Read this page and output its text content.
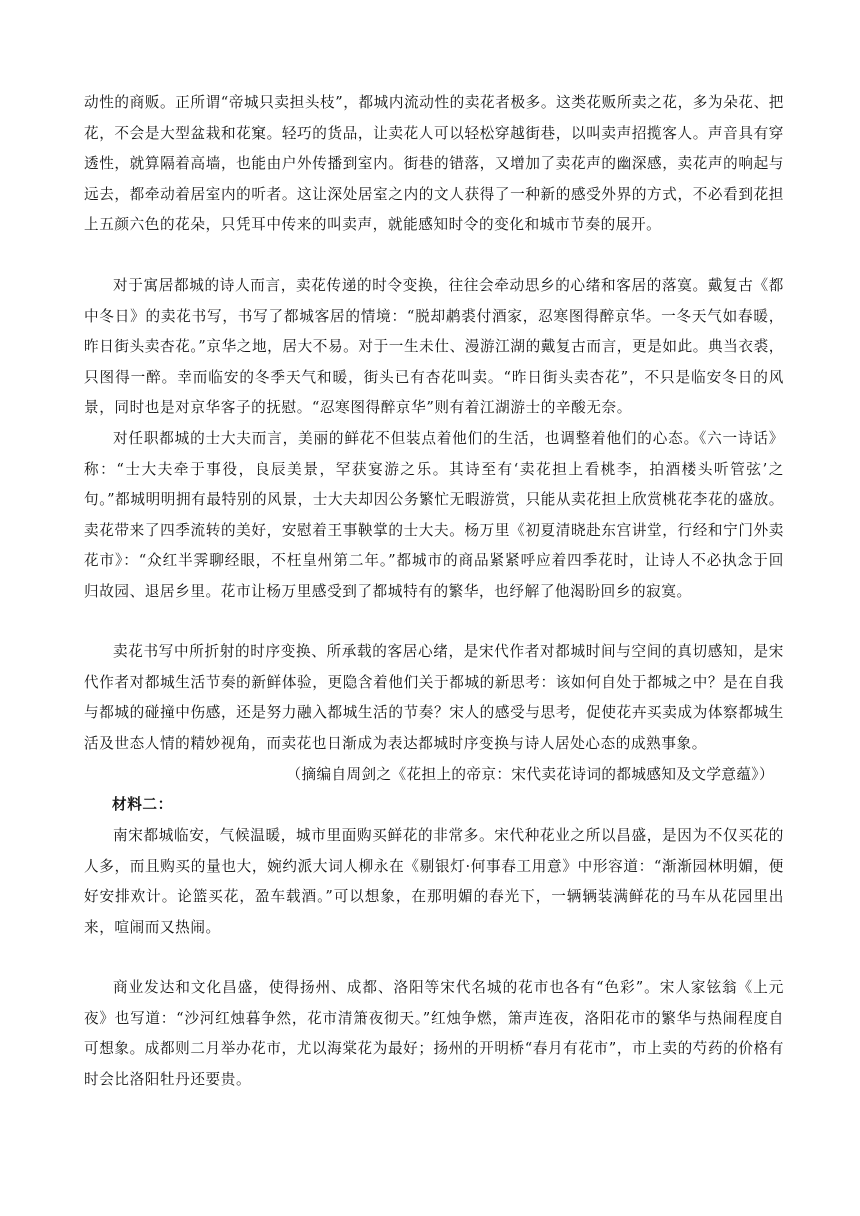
动性的商贩。正所谓“帝城只卖担头枝”，都城内流动性的卖花者极多。这类花贩所卖之花，多为朵花、把花，不会是大型盆栽和花窠。轻巧的货品，让卖花人可以轻松穿越街巷，以叫卖声招揽客人。声音具有穿透性，就算隔着高墙，也能由户外传播到室内。街巷的错落，又增加了卖花声的幽深感，卖花声的响起与远去，都牵动着居室内的听者。这让深处居室之内的文人获得了一种新的感受外界的方式，不必看到花担上五颜六色的花朵，只凭耳中传来的叫卖声，就能感知时令的变化和城市节奏的展开。

对于寓居都城的诗人而言，卖花传递的时令变换，往往会牵动思乡的心绪和客居的落寞。戴复古《都中冬日》的卖花书写，书写了都城客居的情境：“脱却鹔裘付酒家，忍寒图得醉京华。一冬天气如春暖，昨日街头卖杏花。”京华之地，居大不易。对于一生未仕、漫游江湖的戴复古而言，更是如此。典当衣裘，只图得一醉。幸而临安的冬季天气和暖，街头已有杏花叫卖。“昨日街头卖杏花”，不只是临安冬日的风景，同时也是对京华客子的抚慰。“忍寒图得醉京华”则有着江湖游士的辛酸无奈。

对任职都城的士大夫而言，美丽的鲜花不但装点着他们的生活，也调整着他们的心态。《六一诗话》称：“士大夫牵于事役，良辰美景，罕获宴游之乐。其诗至有‘卖花担上看桃李，拍酒楼头听管弦’之句。”都城明明拥有最特别的风景，士大夫却因公务繁忙无暇游赏，只能从卖花担上欣赏桃花李花的盛放。卖花带来了四季流转的美好，安慰着王事鞅掌的士大夫。杨万里《初夏清晓赴东宫讲堂，行经和宁门外卖花市》：“众红半霁聊经眼，不枉皇州第二年。”都城市的商品紧紧呼应着四季花时，让诗人不必执念于回归故园、退居乡里。花市让杨万里感受到了都城特有的繁华，也纾解了他渴盼回乡的寂寞。

卖花书写中所折射的时序变换、所承载的客居心绪，是宋代作者对都城时间与空间的真切感知，是宋代作者对都城生活节奏的新鲜体验，更隐含着他们关于都城的新思考：该如何自处于都城之中？是在自我与都城的碰撞中伤感，还是努力融入都城生活的节奏？宋人的感受与思考，促使花卉买卖成为体察都城生活及世态人情的精妙视角，而卖花也日渐成为表达都城时序变换与诗人居处心态的成熟事象。

（摘编自周剑之《花担上的帝京：宋代卖花诗词的都城感知及文学意蕴》）

材料二：

南宋都城临安，气候温暖，城市里面购买鲜花的非常多。宋代种花业之所以昌盛，是因为不仅买花的人多，而且购买的量也大，婉约派大词人柳永在《剔银灯·何事春工用意》中形容道：“渐渐园林明媚，便好安排欢计。论篮买花，盈车载酒。”可以想象，在那明媚的春光下，一辆辆装满鲜花的马车从花园里出来，喧闹而又热闹。

商业发达和文化昌盛，使得扬州、成都、洛阳等宋代名城的花市也各有“色彩”。宋人家铉翁《上元夜》也写道：“沙河红烛暮争然，花市清箫夜彻天。”红烛争燃，箫声连夜，洛阳花市的繁华与热闹程度自可想象。成都则二月举办花市，尤以海棠花为最好；扬州的开明桥“春月有花市”，市上卖的芍药的价格有时会比洛阳牡丹还要贵。
